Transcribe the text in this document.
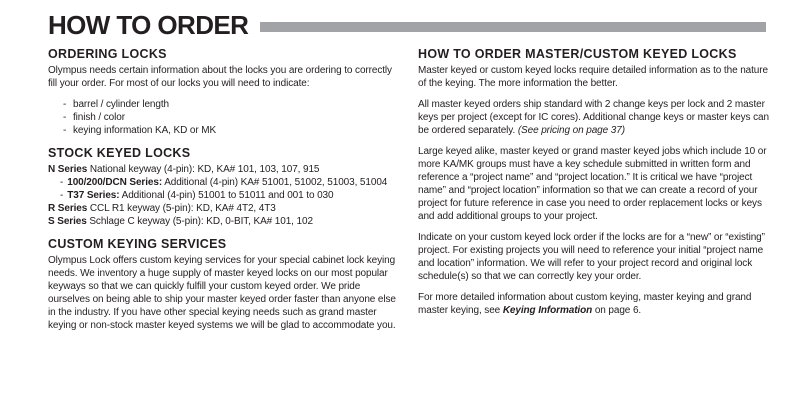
HOW TO ORDER
ORDERING LOCKS

Olympus needs certain information about the locks you are ordering to correctly fill your order. For most of our locks you will need to indicate:

- barrel / cylinder length
- finish / color
- keying information KA, KD or MK
STOCK KEYED LOCKS
N Series National keyway (4-pin): KD, KA# 101, 103, 107, 915
- 100/200/DCN Series: Additional (4-pin) KA# 51001, 51002, 51003, 51004
- T37 Series: Additional (4-pin) 51001 to 51011 and 001 to 030
R Series CCL R1 keyway (5-pin): KD, KA# 4T2, 4T3
S Series Schlage C keyway (5-pin): KD, 0-BIT, KA# 101, 102
CUSTOM KEYING SERVICES

Olympus Lock offers custom keying services for your special cabinet lock keying needs. We inventory a huge supply of master keyed locks on our most popular keyways so that we can quickly fulfill your custom keyed order. We pride ourselves on being able to ship your master keyed order faster than anyone else in the industry. If you have other special keying needs such as grand master keying or non-stock master keyed systems we will be glad to accommodate you.

HOW TO ORDER MASTER/CUSTOM KEYED LOCKS

Master keyed or custom keyed locks require detailed information as to the nature of the keying. The more information the better.

All master keyed orders ship standard with 2 change keys per lock and 2 master keys per project (except for IC cores). Additional change keys or master keys can be ordered separately. (See pricing on page 37)

Large keyed alike, master keyed or grand master keyed jobs which include 10 or more KA/MK groups must have a key schedule submitted in written form and reference a “project name” and “project location.” It is critical we have “project name” and “project location” information so that we can create a record of your project for future reference in case you need to order replacement locks or keys and add additional groups to your project.

Indicate on your custom keyed lock order if the locks are for a “new” or “existing” project. For existing projects you will need to reference your initial “project name and location” information. We will refer to your project record and original lock schedule(s) so that we can correctly key your order.

For more detailed information about custom keying, master keying and grand master keying, see Keying Information on page 6.
